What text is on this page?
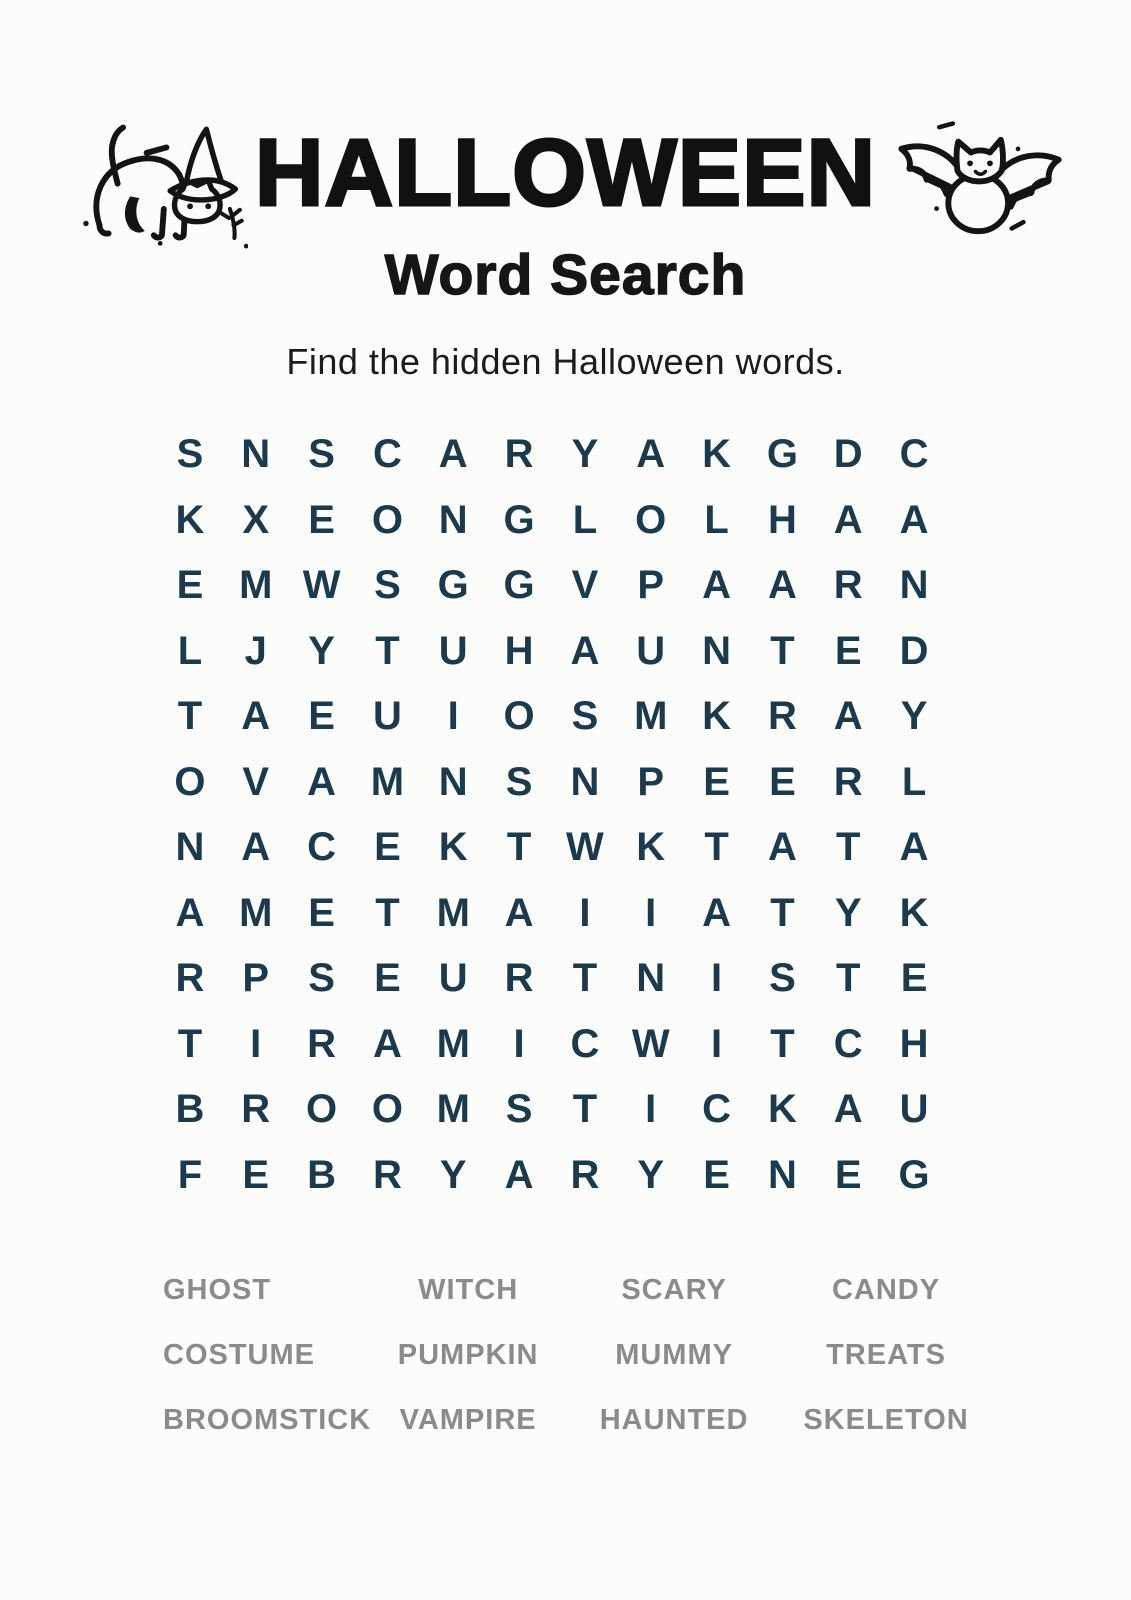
HALLOWEEN
Word Search

Find the hidden Halloween words.

S N S C A R Y A K G D C
K X E O N G L O L H A A
E M W S G G V P A A R N
L	J	Y	T U H A U N T	E D
T A E U	I	O S M K R A Y
O V A M N S N P E E R L
N A C E K T W K T A T A
A M E	T M A	I	I	A T	Y K
R P S E U R T N	I	S	T	E
T	I	R A M	I	C W	I	T C H
B R O O M S	T	I	C K A U
F	E B R Y A R Y E N E G
GHOST	WITCH	SCARY	CANDY
COSTUME	PUMPKIN	MUMMY	TREATS
BROOMSTICK VAMPIRE	HAUNTED	SKELETON
